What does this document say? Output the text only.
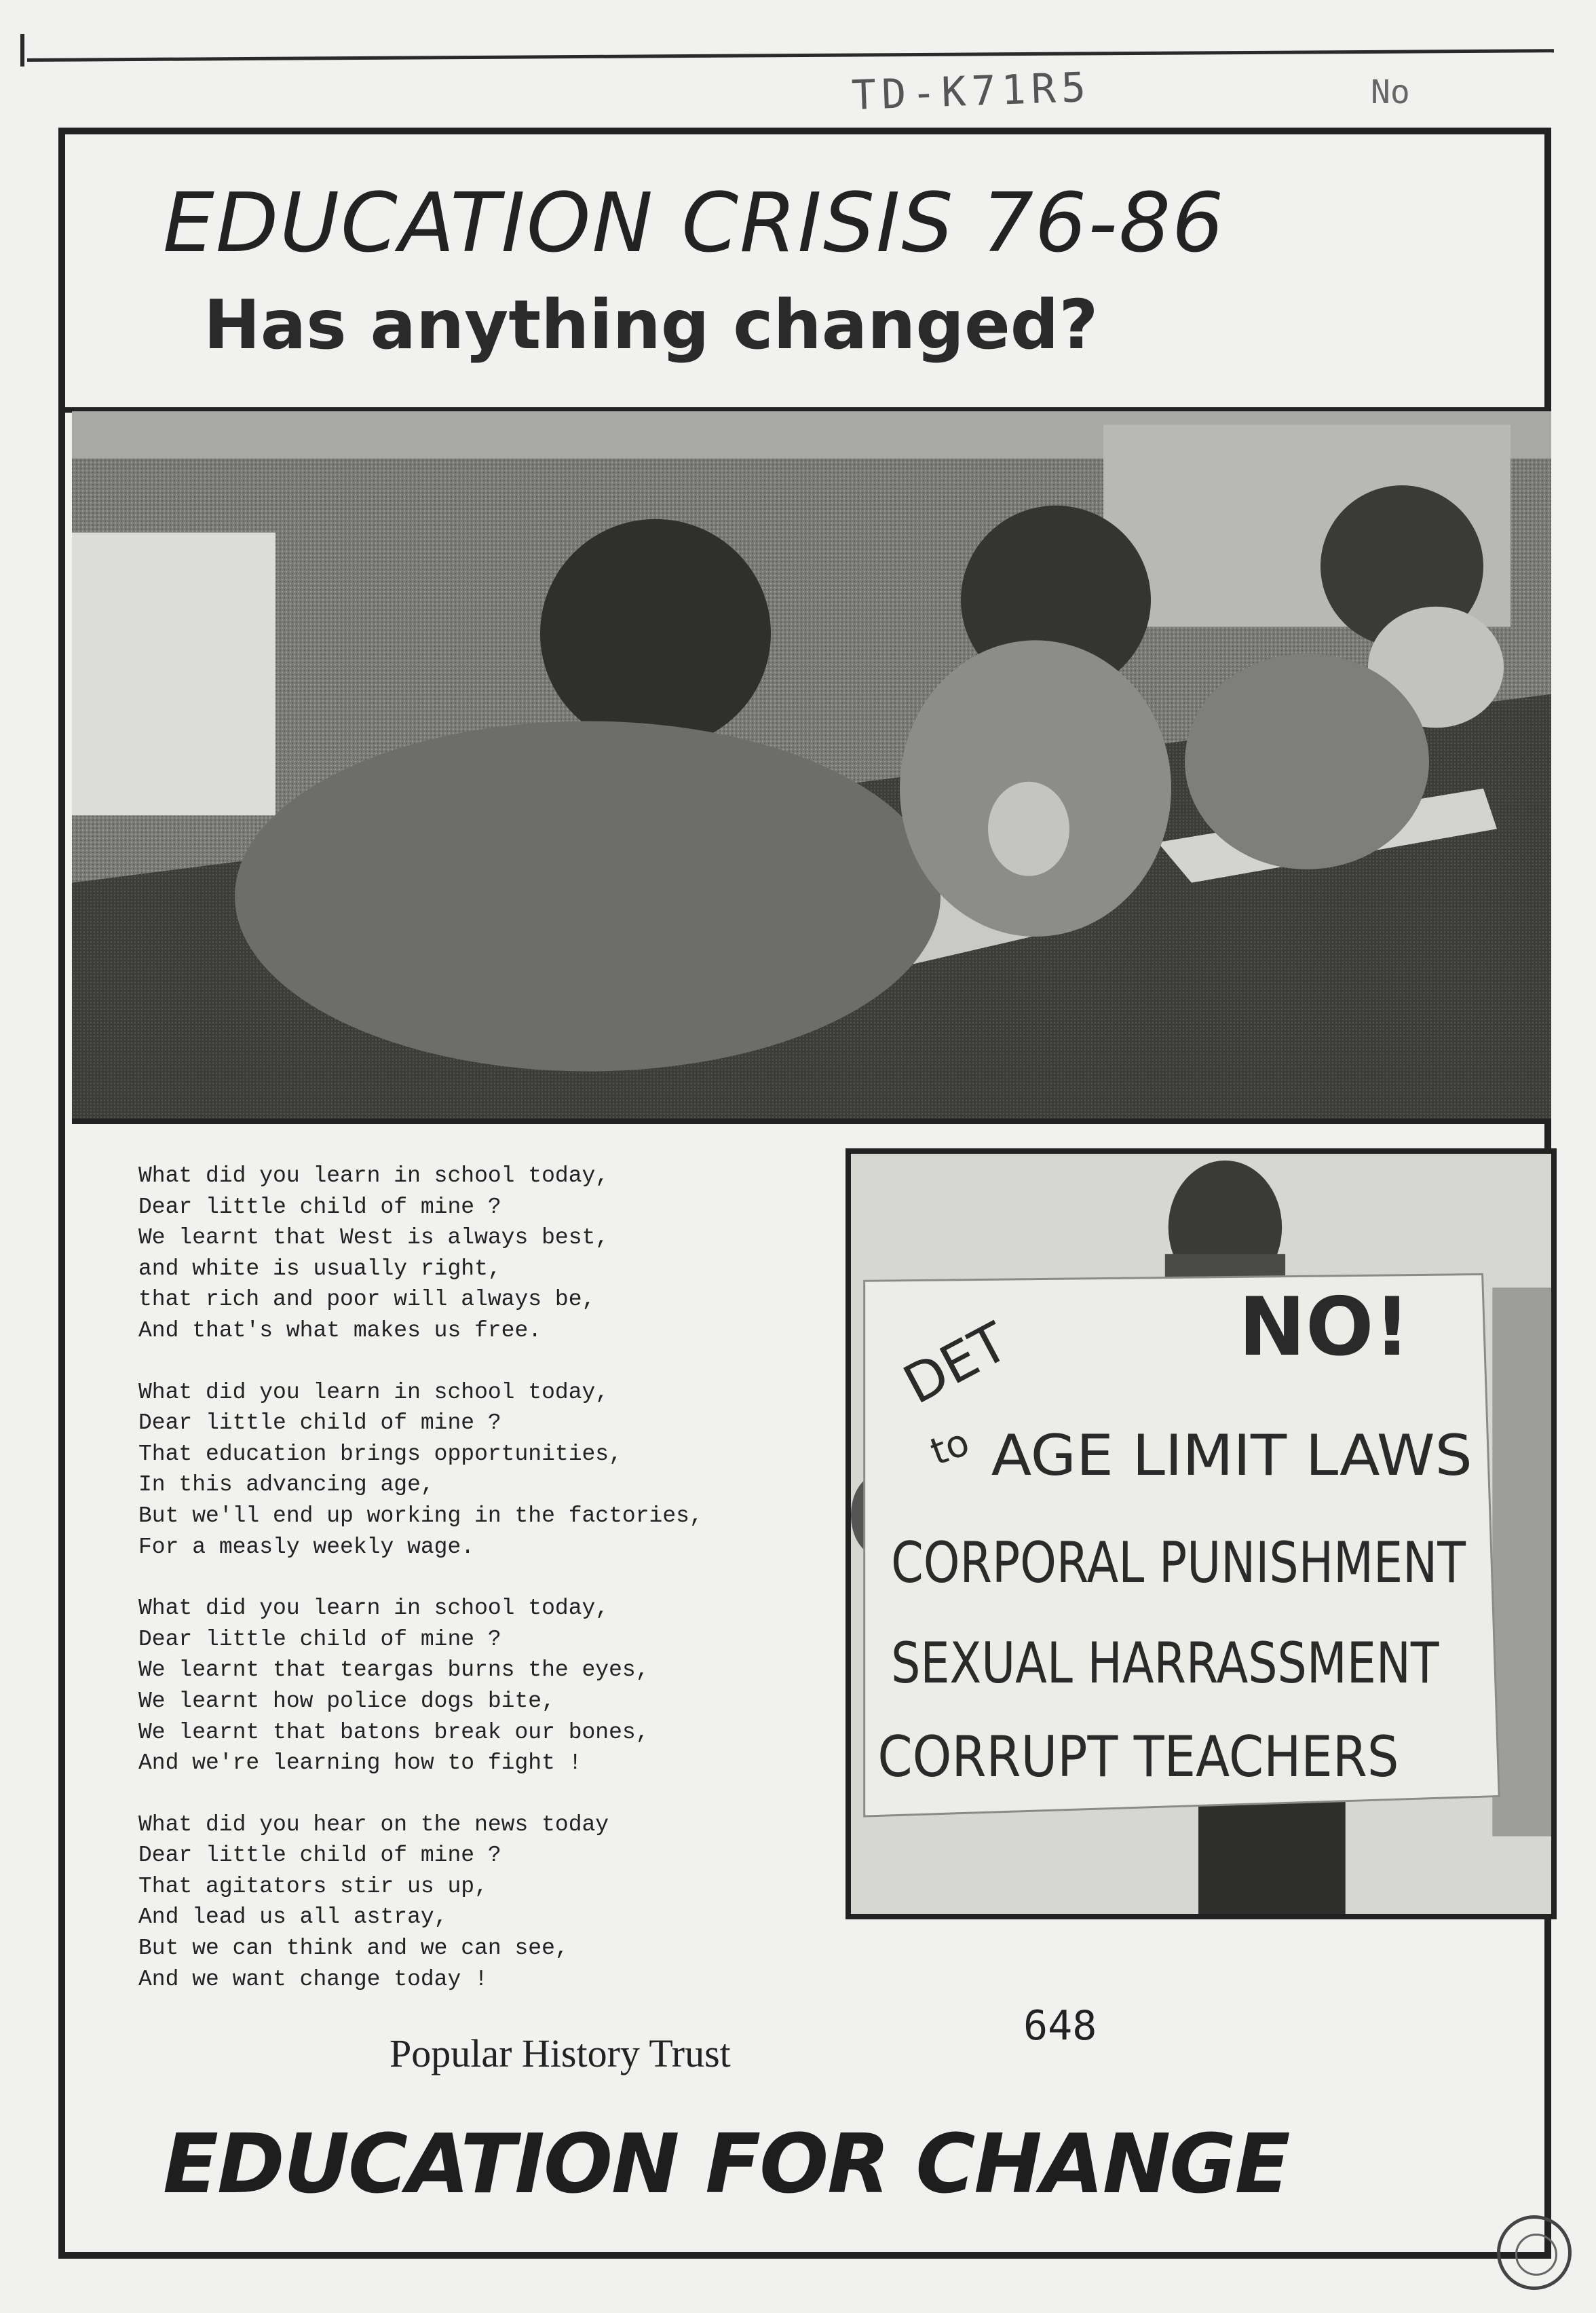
TD-K71R5	No
EDUCATION CRISIS 76-86
Has anything changed?
What did you learn in school today,
Dear little child of mine ?
We learnt that West is always best,
and white is usually right,
that rich and poor will always be,
And that's what makes us free.
What did you learn in school today,
Dear little child of mine ?
That education brings opportunities,
In this advancing age,
But we'll end up working in the factories,
For a measly weekly wage.
What did you learn in school today,
Dear little child of mine ?
We learnt that teargas burns the eyes,
We learnt how police dogs bite,
We learnt that batons break our bones,
And we're learning how to fight !
What did you hear on the news today
Dear little child of mine ?
That agitators stir us up,
And lead us all astray,
But we can think and we can see,
And we want change today !
NO!
DET
to AGE LIMIT LAWS
CORPORAL PUNISHMENT
SEXUAL HARRASSMENT
CORRUPT TEACHERS
Popular History Trust
648
EDUCATION FOR CHANGE
